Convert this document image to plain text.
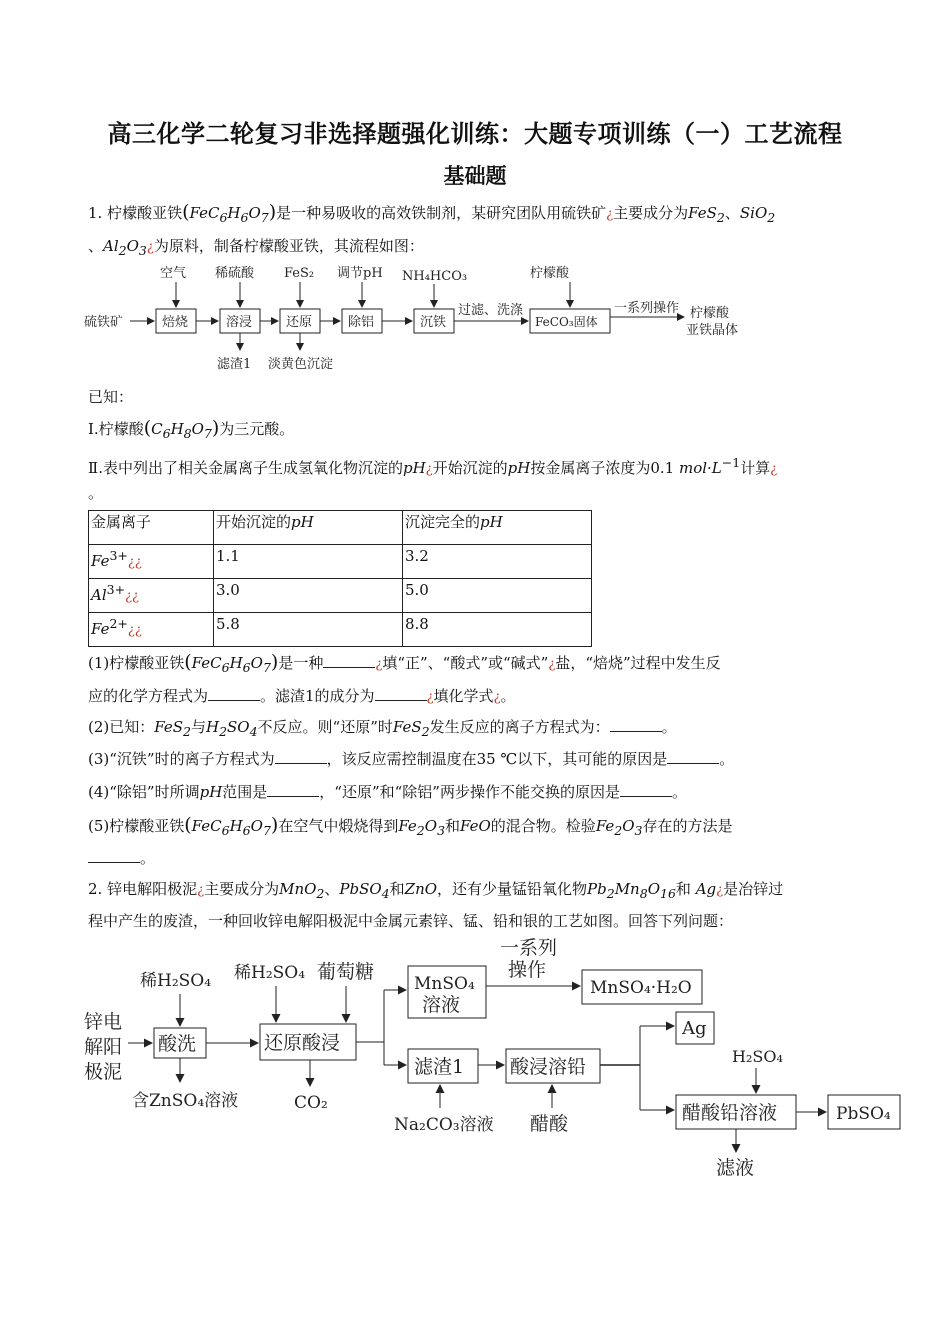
高三化学二轮复习非选择题强化训练：大题专项训练（一）工艺流程
基础题
1. 柠檬酸亚铁$(FeC_6H_6O_7)$是一种易吸收的高效铁制剂，某研究团队用硫铁矿¿主要成分为FeS$_2$、SiO$_2$
、$Al_2O_3¿$为原料，制备柠檬酸亚铁，其流程如图：
硫铁矿	焙烧	溶浸	还原	除铝	沉铁
过滤、洗涤
FeCO₃固体
一系列操作 柠檬酸
亚铁晶体
空气 稀硫酸 FeS₂ 调节pH NH₄HCO₃	柠檬酸
滤渣1 淡黄色沉淀
已知：
Ⅰ.柠檬酸$(C_6H_8O_7)$为三元酸。
Ⅱ.表中列出了相关金属离子生成氢氧化物沉淀的pH¿开始沉淀的pH按金属离子浓度为0.1 $mol\cdot L^{-1}$计算¿
。
金属离子	开始沉淀的pH	沉淀完全的pH
$Fe^{3+}¿¿$	1.1	3.2
$Al^{3+}¿¿$	3.0	5.0
$Fe^{2+}¿¿$	5.8	8.8
(1)柠檬酸亚铁$(FeC_6H_6O_7)$是一种	¿填“正”、“酸式”或“碱式”¿盐，“焙烧”过程中发生反
应的化学方程式为	。滤渣1的成分为	¿填化学式¿。
(2)已知：FeS$_2$与$H_2SO_4$不反应。则“还原”时FeS$_2$发生反应的离子方程式为：	。
(3)“沉铁”时的离子方程式为	，该反应需控制温度在35 ℃以下，其可能的原因是	。
(4)“除铝”时所调pH范围是	，“还原”和“除铝”两步操作不能交换的原因是	。
(5)柠檬酸亚铁$(FeC_6H_6O_7)$在空气中煅烧得到$Fe_2O_3$和FeO的混合物。检验$Fe_2O_3$存在的方法是
。
2. 锌电解阳极泥¿主要成分为MnO$_2$、PbSO$_4$和ZnO，还有少量锰铅氧化物$Pb_2Mn_8O_{16}$和 Ag¿是冶锌过
程中产生的废渣，一种回收锌电解阳极泥中金属元素锌、锰、铅和银的工艺如图。回答下列问题：
锌电
解阳
极泥
酸洗
稀H₂SO₄
含ZnSO₄溶液
还原酸浸
稀H₂SO₄ 葡萄糖
CO₂
MnSO₄
溶液
一系列
操作
MnSO₄·H₂O
滤渣1
Na₂CO₃溶液
酸浸溶铅
醋酸
Ag
醋酸铅溶液
H₂SO₄
滤液
PbSO₄
